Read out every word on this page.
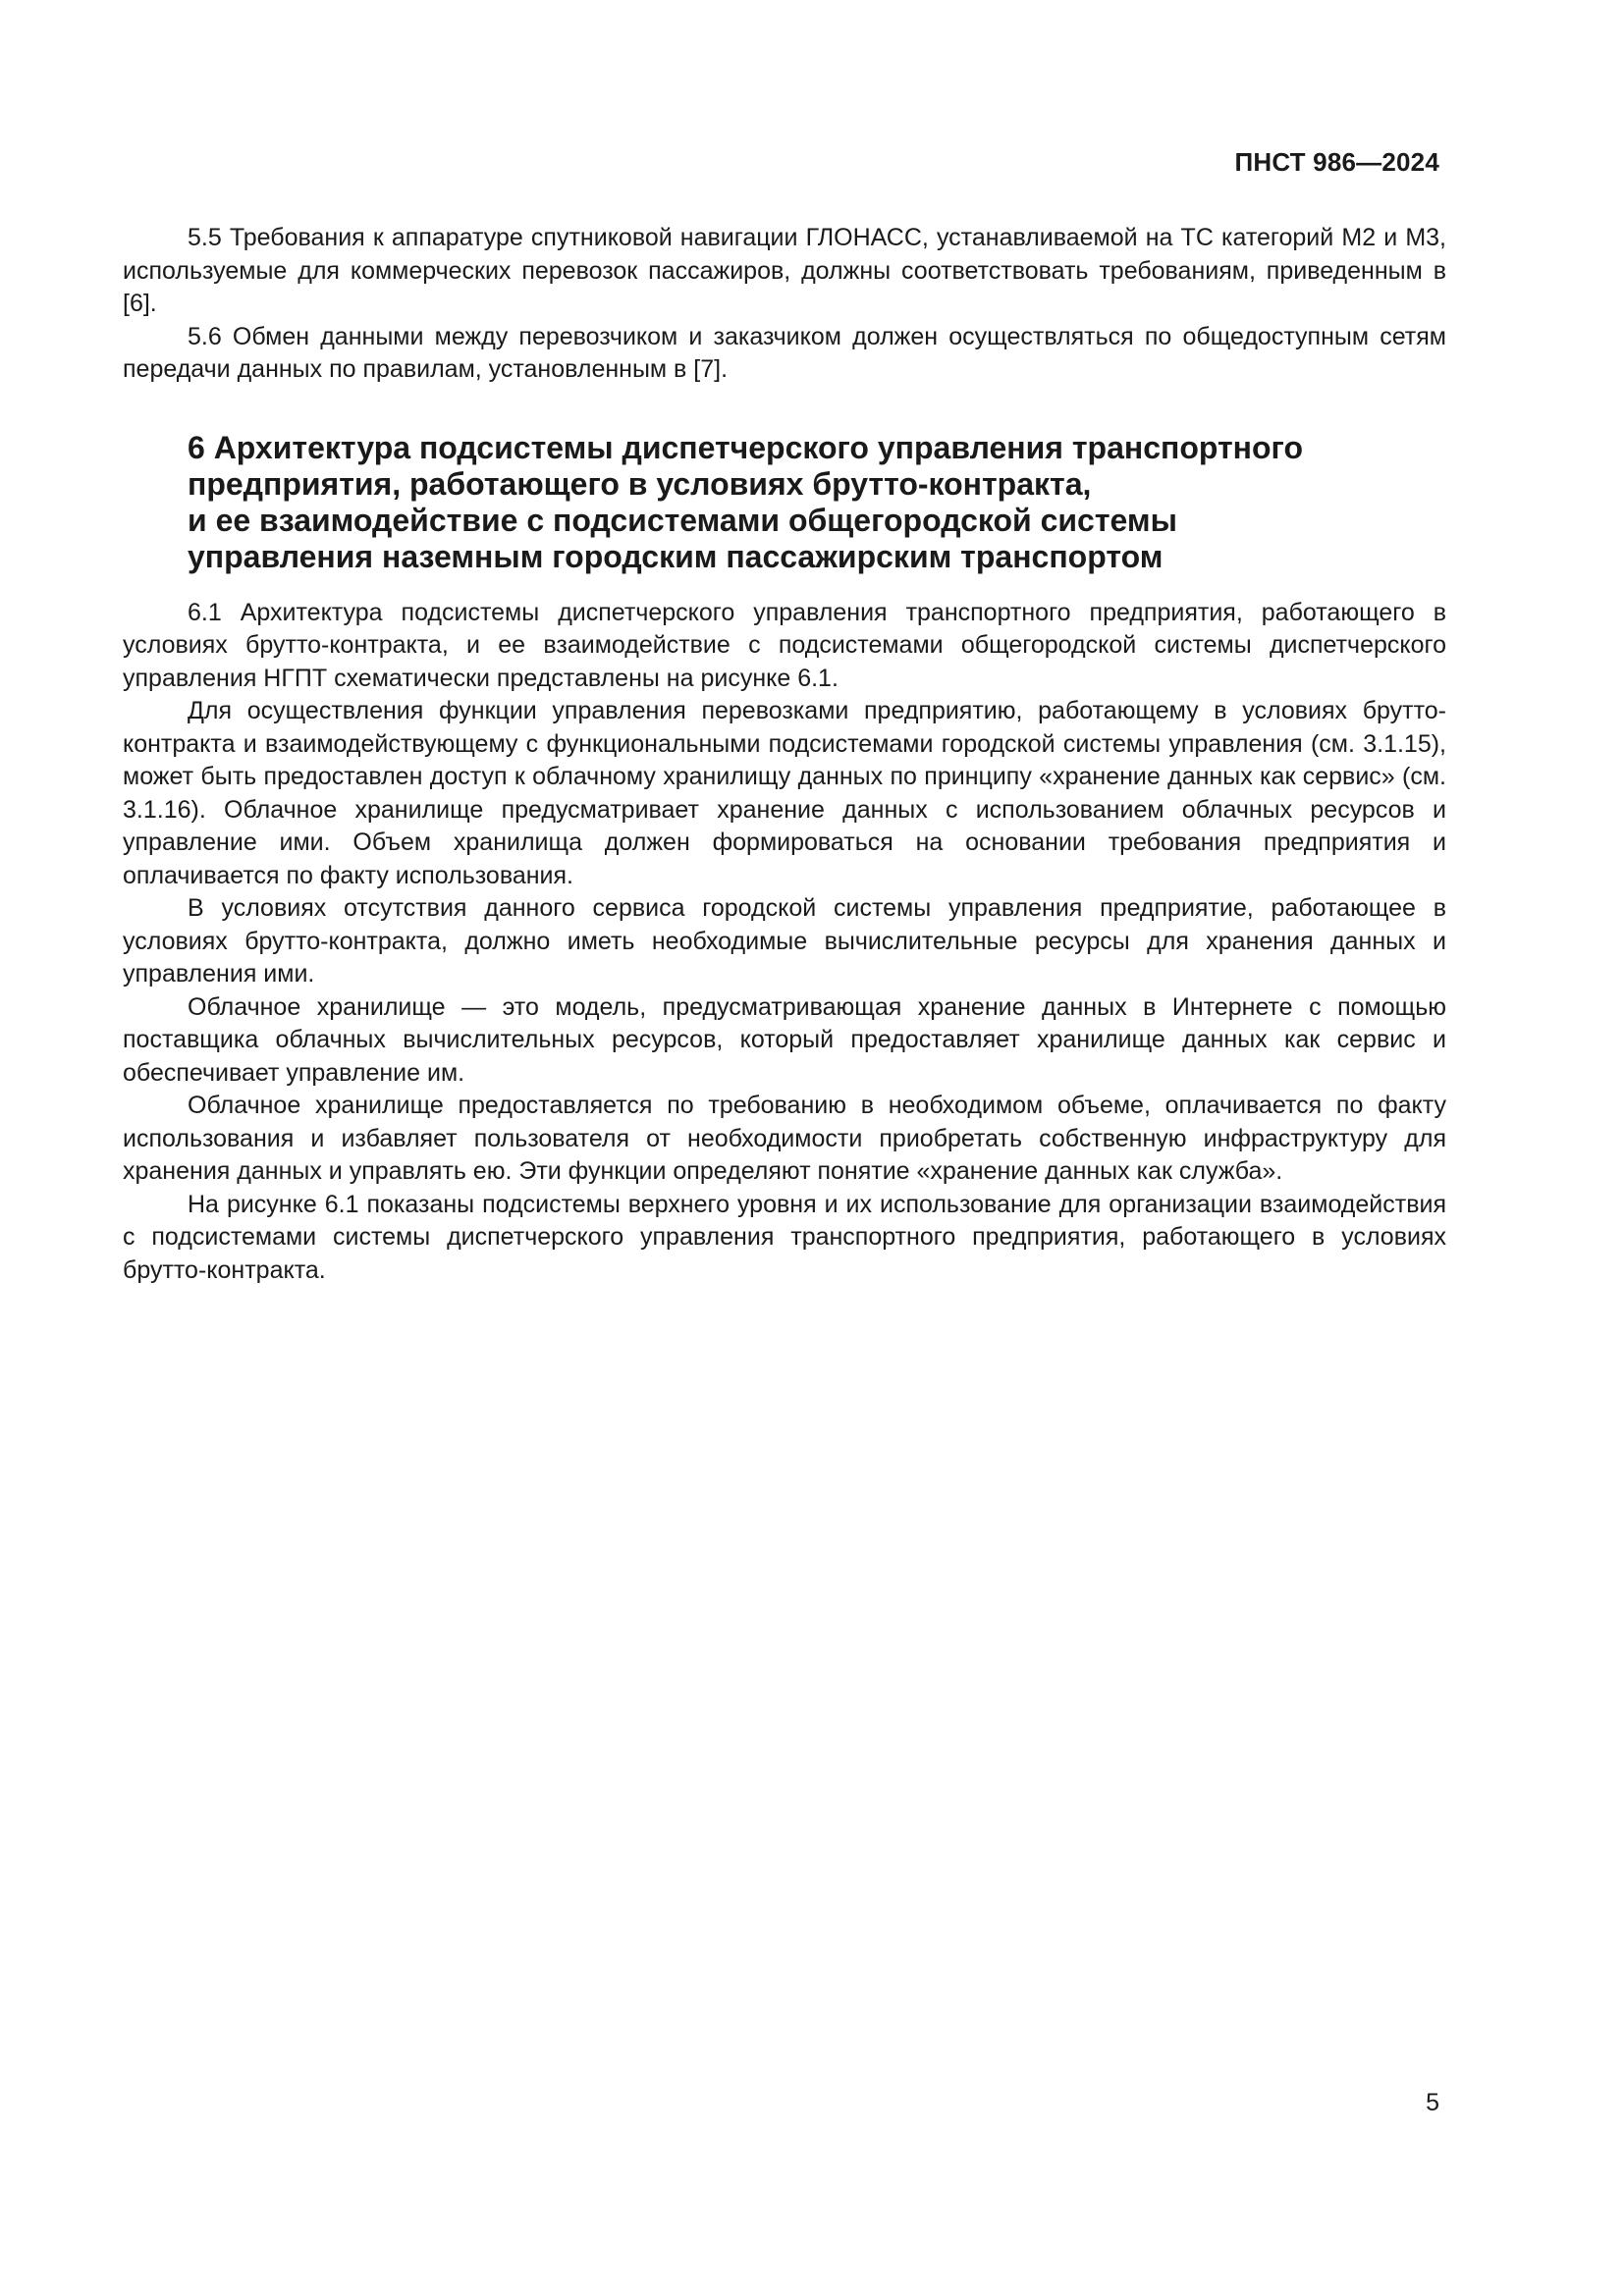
ПНСТ 986—2024

5.5 Требования к аппаратуре спутниковой навигации ГЛОНАСС, устанавливаемой на ТС категорий М2 и М3, используемые для коммерческих перевозок пассажиров, должны соответствовать требованиям, приведенным в [6].

5.6 Обмен данными между перевозчиком и заказчиком должен осуществляться по общедоступным сетям передачи данных по правилам, установленным в [7].

6 Архитектура подсистемы диспетчерского управления транспортного
предприятия, работающего в условиях брутто-контракта,
и ее взаимодействие с подсистемами общегородской системы
управления наземным городским пассажирским транспортом

6.1 Архитектура подсистемы диспетчерского управления транспортного предприятия, работающего в условиях брутто-контракта, и ее взаимодействие с подсистемами общегородской системы диспетчерского управления НГПТ схематически представлены на рисунке 6.1.

Для осуществления функции управления перевозками предприятию, работающему в условиях брутто-контракта и взаимодействующему с функциональными подсистемами городской системы управления (см. 3.1.15), может быть предоставлен доступ к облачному хранилищу данных по принципу «хранение данных как сервис» (см. 3.1.16). Облачное хранилище предусматривает хранение данных с использованием облачных ресурсов и управление ими. Объем хранилища должен формироваться на основании требования предприятия и оплачивается по факту использования.

В условиях отсутствия данного сервиса городской системы управления предприятие, работающее в условиях брутто-контракта, должно иметь необходимые вычислительные ресурсы для хранения данных и управления ими.

Облачное хранилище — это модель, предусматривающая хранение данных в Интернете с помощью поставщика облачных вычислительных ресурсов, который предоставляет хранилище данных как сервис и обеспечивает управление им.

Облачное хранилище предоставляется по требованию в необходимом объеме, оплачивается по факту использования и избавляет пользователя от необходимости приобретать собственную инфраструктуру для хранения данных и управлять ею. Эти функции определяют понятие «хранение данных как служба».

На рисунке 6.1 показаны подсистемы верхнего уровня и их использование для организации взаимодействия с подсистемами системы диспетчерского управления транспортного предприятия, работающего в условиях брутто-контракта.

5
